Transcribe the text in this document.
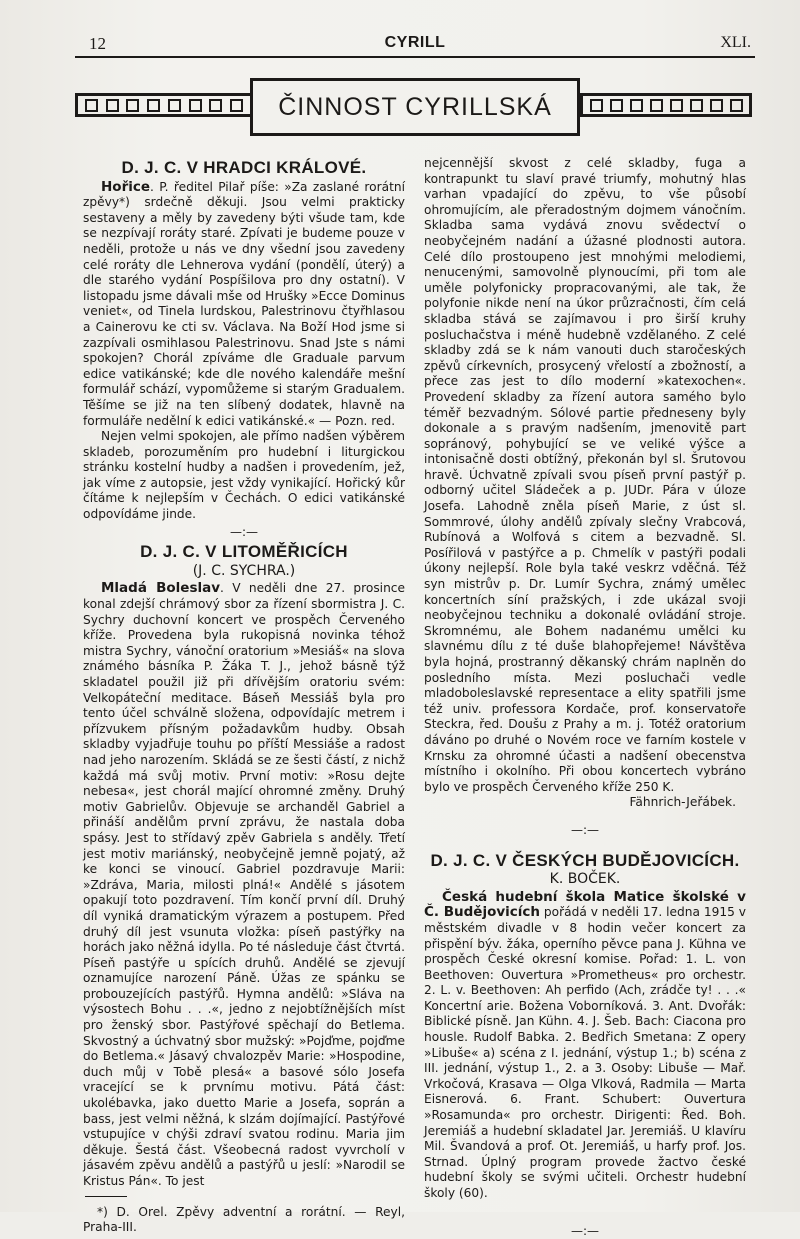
12	CYRILL	XLI.
ČINNOST CYRILLSKÁ
D. J. C. V HRADCI KRÁLOVÉ.

Hořice. P. ředitel Pilař píše: »Za zaslané rorátní zpěvy*) srdečně děkuji. Jsou velmi prakticky sestaveny a měly by zavedeny býti všude tam, kde se nezpívají roráty staré. Zpívati je budeme pouze v neděli, protože u nás ve dny všední jsou zavedeny celé roráty dle Lehnerova vydání (pondělí, úterý) a dle starého vydání Pospíšilova pro dny ostatní). V listopadu jsme dávali mše od Hrušky »Ecce Dominus veniet«, od Tinela lurdskou, Palestrinovu čtyřhlasou a Cainerovu ke cti sv. Václava. Na Boží Hod jsme si zazpívali osmihlasou Palestrinovu. Snad Jste s námi spokojen? Chorál zpíváme dle Graduale parvum edice vatikánské; kde dle nového kalendáře mešní formulář schází, vypomůžeme si starým Gradualem. Těšíme se již na ten slíbený dodatek, hlavně na formuláře nedělní k edici vatikánské.« — Pozn. red.

Nejen velmi spokojen, ale přímo nadšen výběrem skladeb, porozuměním pro hudební i liturgickou stránku kostelní hudby a nadšen i provedením, jež, jak víme z autopsie, jest vždy vynikající. Hořický kůr čítáme k nejlepším v Čechách. O edici vatikánské odpovídáme jinde.

—:—
D. J. C. V LITOMĚŘICÍCH
(J. C. SYCHRA.)

Mladá Boleslav. V neděli dne 27. prosince konal zdejší chrámový sbor za řízení sbormistra J. C. Sychry duchovní koncert ve prospěch Červeného kříže. Provedena byla rukopisná novinka téhož mistra Sychry, vánoční oratorium »Mesiáš« na slova známého básníka P. Žáka T. J., jehož básně týž skladatel použil již při dřívějším oratoriu svém: Velkopáteční meditace. Báseň Messiáš byla pro tento účel schválně složena, odpovídajíc metrem i přízvukem přísným požadavkům hudby. Obsah skladby vyjadřuje touhu po příští Messiáše a radost nad jeho narozením. Skládá se ze šesti částí, z nichž každá má svůj motiv. První motiv: »Rosu dejte nebesa«, jest chorál mající ohromné změny. Druhý motiv Gabrielův. Objevuje se archanděl Gabriel a přináší andělům první zprávu, že nastala doba spásy. Jest to střídavý zpěv Gabriela s anděly. Třetí jest motiv mariánský, neobyčejně jemně pojatý, až ke konci se vinoucí. Gabriel pozdravuje Marii: »Zdráva, Maria, milosti plná!« Andělé s jásotem opakují toto pozdravení. Tím končí první díl. Druhý díl vyniká dramatickým výrazem a postupem. Před druhý díl jest vsunuta vložka: píseň pastýřky na horách jako něžná idylla. Po té následuje část čtvrtá. Píseň pastýře u spících druhů. Andělé se zjevují oznamujíce narození Páně. Úžas ze spánku se probouzejících pastýřů. Hymna andělů: »Sláva na výsostech Bohu . . .«, jedno z nejobtížnějších míst pro ženský sbor. Pastýřové spěchají do Betlema. Skvostný a úchvatný sbor mužský: »Pojďme, pojďme do Betlema.« Jásavý chvalozpěv Marie: »Hospodine, duch můj v Tobě plesá« a basové sólo Josefa vracející se k prvnímu motivu. Pátá část: ukolébavka, jako duetto Marie a Josefa, soprán a bass, jest velmi něžná, k slzám dojímající. Pastýřové vstupujíce v chýši zdraví svatou rodinu. Maria jim děkuje. Šestá část. Všeobecná radost vyvrcholí v jásavém zpěvu andělů a pastýřů u jeslí: »Narodil se Kristus Pán«. To jest

*) D. Orel. Zpěvy adventní a rorátní. — Reyl, Praha-III.

nejcennější skvost z celé skladby, fuga a kontrapunkt tu slaví pravé triumfy, mohutný hlas varhan vpadající do zpěvu, to vše působí ohromujícím, ale přeradostným dojmem vánočním. Skladba sama vydává znovu svědectví o neobyčejném nadání a úžasné plodnosti autora. Celé dílo prostoupeno jest mnohými melodiemi, nenucenými, samovolně plynoucími, při tom ale uměle polyfonicky propracovanými, ale tak, že polyfonie nikde není na úkor průzračnosti, čím celá skladba stává se zajímavou i pro širší kruhy posluchačstva i méně hudebně vzdělaného. Z celé skladby zdá se k nám vanouti duch staročeských zpěvů církevních, prosycený vřelostí a zbožností, a přece zas jest to dílo moderní »katexochen«. Provedení skladby za řízení autora samého bylo téměř bezvadným. Sólové partie předneseny byly dokonale a s pravým nadšením, jmenovitě part sopránový, pohybující se ve veliké výšce a intonisačně dosti obtížný, překonán byl sl. Šrutovou hravě. Úchvatně zpívali svou píseň první pastýř p. odborný učitel Sládeček a p. JUDr. Pára v úloze Josefa. Lahodně zněla píseň Marie, z úst sl. Sommrové, úlohy andělů zpívaly slečny Vrabcová, Rubínová a Wolfová s citem a bezvadně. Sl. Posířilová v pastýřce a p. Chmelík v pastýři podali úkony nejlepší. Role byla také veskrz vděčná. Též syn mistrův p. Dr. Lumír Sychra, známý umělec koncertních síní pražských, i zde ukázal svoji neobyčejnou techniku a dokonalé ovládání stroje. Skromnému, ale Bohem nadanému umělci ku slavnému dílu z té duše blahopřejeme! Návštěva byla hojná, prostranný děkanský chrám naplněn do posledního místa. Mezi posluchači vedle mladoboleslavské representace a elity spatřili jsme též univ. professora Kordače, prof. konservatoře Steckra, řed. Doušu z Prahy a m. j. Totéž oratorium dáváno po druhé o Novém roce ve farním kostele v Krnsku za ohromné účasti a nadšení obecenstva místního i okolního. Při obou koncertech vybráno bylo ve prospěch Červeného kříže 250 K.

Fähnrich-Jeřábek.
—:—
D. J. C. V ČESKÝCH BUDĚJOVICÍCH.
K. BOČEK.

Česká hudební škola Matice školské v Č. Budějovicích pořádá v neděli 17. ledna 1915 v městském divadle v 8 hodin večer koncert za přispění býv. žáka, operního pěvce pana J. Kühna ve prospěch České okresní komise. Pořad: 1. L. von Beethoven: Ouvertura »Prometheus« pro orchestr. 2. L. v. Beethoven: Ah perfido (Ach, zrádče ty! . . .« Koncertní arie. Božena Voborníková. 3. Ant. Dvořák: Biblické písně. Jan Kühn. 4. J. Šeb. Bach: Ciacona pro housle. Rudolf Babka. 2. Bedřich Smetana: Z opery »Libuše« a) scéna z I. jednání, výstup 1.; b) scéna z III. jednání, výstup 1., 2. a 3. Osoby: Libuše — Mař. Vrkočová, Krasava — Olga Vlková, Radmila — Marta Eisnerová. 6. Frant. Schubert: Ouvertura »Rosamunda« pro orchestr. Dirigenti: Řed. Boh. Jeremiáš a hudební skladatel Jar. Jeremiáš. U klavíru Mil. Švandová a prof. Ot. Jeremiáš, u harfy prof. Jos. Strnad. Úplný program provede žactvo české hudební školy se svými učiteli. Orchestr hudební školy (60).

—:—
